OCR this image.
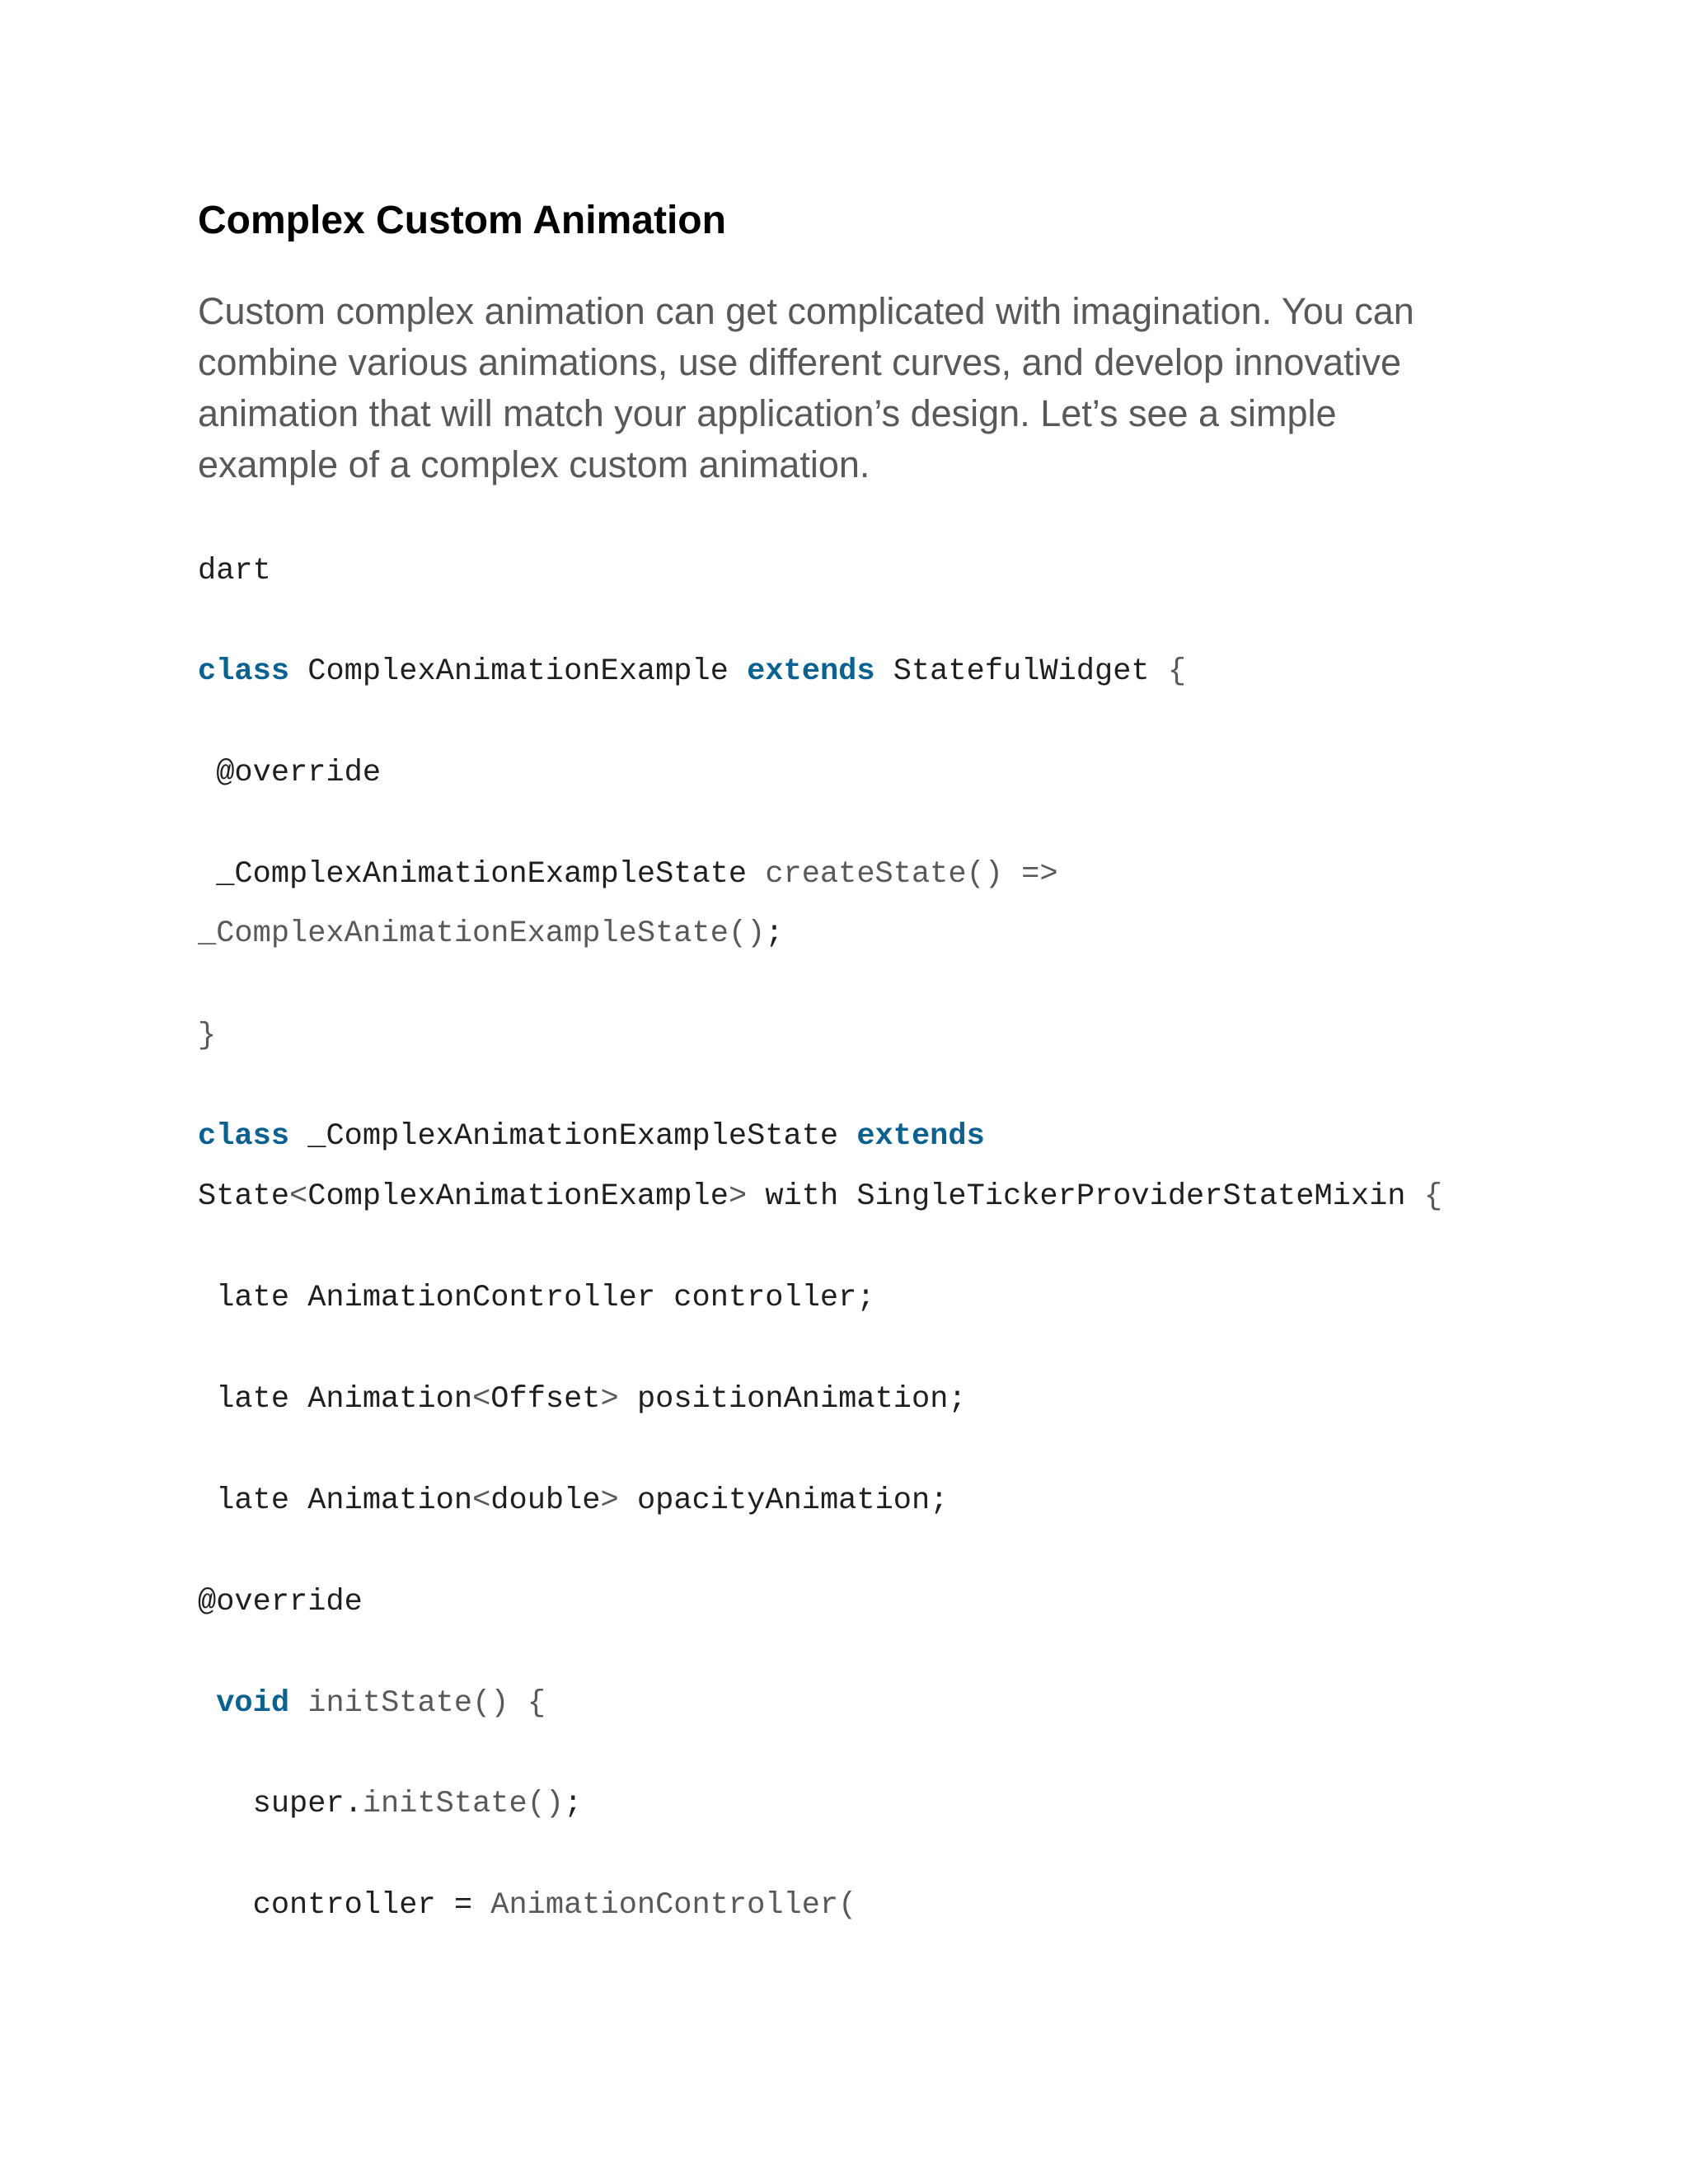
Complex Custom Animation

Custom complex animation can get complicated with imagination. You can
combine various animations, use different curves, and develop innovative
animation that will match your application’s design. Let’s see a simple
example of a complex custom animation.

dart
class ComplexAnimationExample extends StatefulWidget {
@override
_ComplexAnimationExampleState createState() =>
_ComplexAnimationExampleState();
}
class _ComplexAnimationExampleState extends
State<ComplexAnimationExample> with SingleTickerProviderStateMixin {
late AnimationController controller;
late Animation<Offset> positionAnimation;
late Animation<double> opacityAnimation;
@override
void initState() {
super.initState();
controller = AnimationController(
